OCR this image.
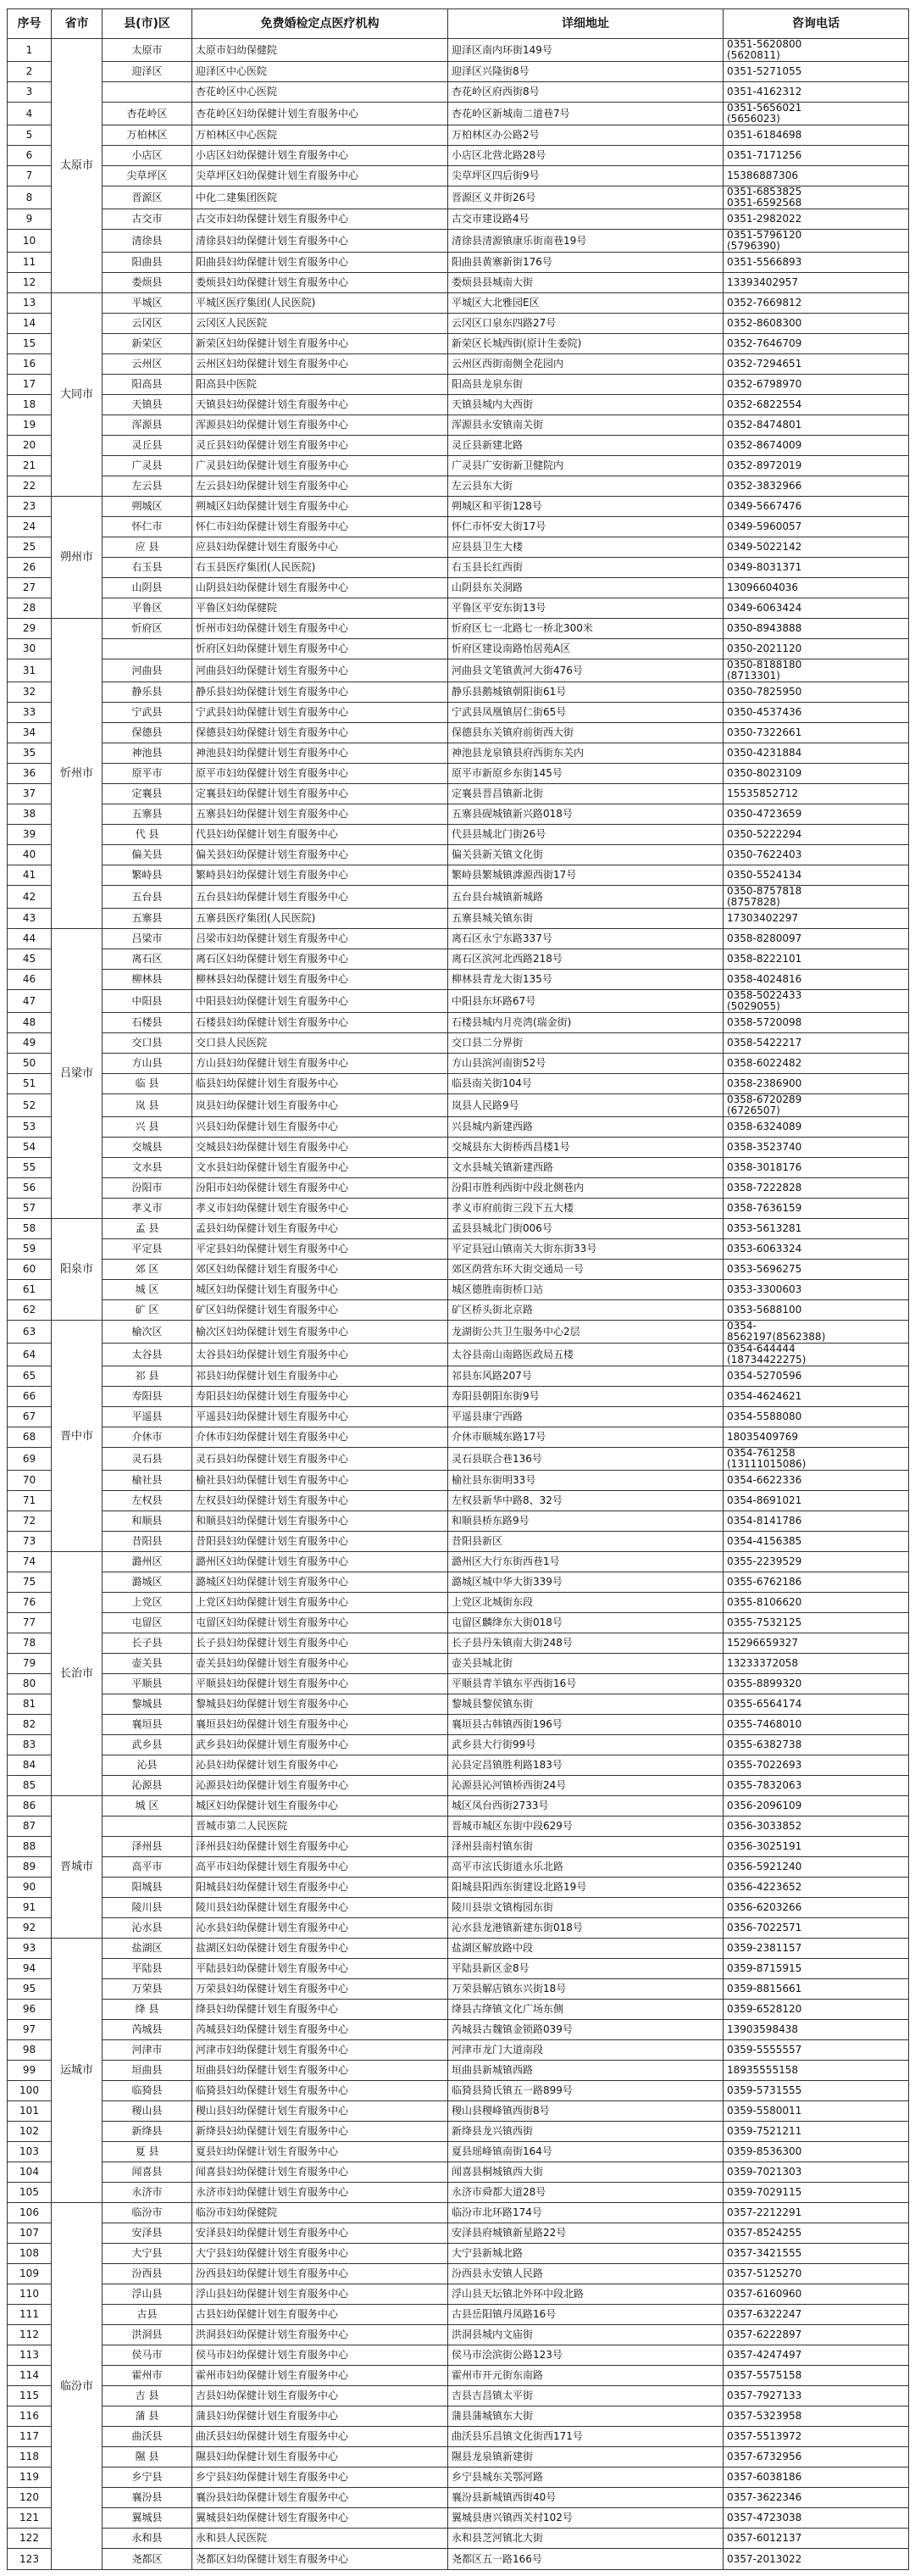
序号	省市	县(市)区	免费婚检定点医疗机构	详细地址	咨询电话
1	太原市	太原市	太原市妇幼保健院	迎泽区南内环街149号	0351-5620800
(5620811)
2		迎泽区	迎泽区中心医院	迎泽区兴隆街8号	0351-5271055
3			杏花岭区中心医院	杏花岭区府西街8号	0351-4162312
4		杏花岭区	杏花岭区妇幼保健计划生育服务中心	杏花岭区新城南二道巷7号	0351-5656021
(5656023)
5		万柏林区	万柏林区中心医院	万柏林区办公路2号	0351-6184698
6		小店区	小店区妇幼保健计划生育服务中心	小店区北营北路28号	0351-7171256
7		尖草坪区	尖草坪区妇幼保健计划生育服务中心	尖草坪区四后街9号	15386887306
8		晋源区	中化二建集团医院	晋源区义井街26号	0351-6853825
0351-6592568
9		古交市	古交市妇幼保健计划生育服务中心	古交市建设路4号	0351-2982022
10		清徐县	清徐县妇幼保健计划生育服务中心	清徐县清源镇康乐街南巷19号	0351-5796120
(5796390)
11		阳曲县	阳曲县妇幼保健计划生育服务中心	阳曲县黄寨新街176号	0351-5566893
12		娄烦县	娄烦县妇幼保健计划生育服务中心	娄烦县县城南大街	13393402957
13	大同市	平城区	平城区医疗集团(人民医院)	平城区大北雅园E区	0352-7669812
14		云冈区	云冈区人民医院	云冈区口泉东四路27号	0352-8608300
15		新荣区	新荣区妇幼保健计划生育服务中心	新荣区长城西街(原计生委院)	0352-7646709
16		云州区	云州区妇幼保健计划生育服务中心	云州区西街南侧全花园内	0352-7294651
17		阳高县	阳高县中医院	阳高县龙泉东街	0352-6798970
18		天镇县	天镇县妇幼保健计划生育服务中心	天镇县城内大西街	0352-6822554
19		浑源县	浑源县妇幼保健计划生育服务中心	浑源县永安镇南关街	0352-8474801
20		灵丘县	灵丘县妇幼保健计划生育服务中心	灵丘县新建北路	0352-8674009
21		广灵县	广灵县妇幼保健计划生育服务中心	广灵县广安街新卫健院内	0352-8972019
22		左云县	左云县妇幼保健计划生育服务中心	左云县东大街	0352-3832966
23	朔州市	朔城区	朔城区妇幼保健计划生育服务中心	朔城区和平街128号	0349-5667476
24		怀仁市	怀仁市妇幼保健计划生育服务中心	怀仁市怀安大街17号	0349-5960057
25		应 县	应县妇幼保健计划生育服务中心	应县县卫生大楼	0349-5022142
26		右玉县	右玉县医疗集团(人民医院)	右玉县长红西街	0349-8031371
27		山阴县	山阴县妇幼保健计划生育服务中心	山阴县东关洞路	13096604036
28		平鲁区	平鲁区妇幼保健院	平鲁区平安东街13号	0349-6063424
29	忻州市	忻府区	忻州市妇幼保健计划生育服务中心	忻府区七一北路七一桥北300米	0350-8943888
30			忻府区妇幼保健计划生育服务中心	忻府区建设南路怡居苑A区	0350-2021120
31		河曲县	河曲县妇幼保健计划生育服务中心	河曲县文笔镇黄河大街476号	0350-8188180
(8713301)
32		静乐县	静乐县妇幼保健计划生育服务中心	静乐县鹅城镇朝阳街61号	0350-7825950
33		宁武县	宁武县妇幼保健计划生育服务中心	宁武县凤凰镇居仁街65号	0350-4537436
34		保德县	保德县妇幼保健计划生育服务中心	保德县东关镇府前街西大街	0350-7322661
35		神池县	神池县妇幼保健计划生育服务中心	神池县龙泉镇县府西街东关内	0350-4231884
36		原平市	原平市妇幼保健计划生育服务中心	原平市新原乡东街145号	0350-8023109
37		定襄县	定襄县妇幼保健计划生育服务中心	定襄县晋昌镇新北街	15535852712
38		五寨县	五寨县妇幼保健计划生育服务中心	五寨县砚城镇新兴路018号	0350-4723659
39		代 县	代县妇幼保健计划生育服务中心	代县县城北门街26号	0350-5222294
40		偏关县	偏关县妇幼保健计划生育服务中心	偏关县新关镇文化街	0350-7622403
41		繁峙县	繁峙县妇幼保健计划生育服务中心	繁峙县繁城镇滹源西街17号	0350-5524134
42		五台县	五台县妇幼保健计划生育服务中心	五台县台城镇新城路	0350-8757818
(8757828)
43		五寨县	五寨县医疗集团(人民医院)	五寨县城关镇东街	17303402297
44	吕梁市	吕梁市	吕梁市妇幼保健计划生育服务中心	离石区永宁东路337号	0358-8280097
45		离石区	离石区妇幼保健计划生育服务中心	离石区滨河北西路218号	0358-8222101
46		柳林县	柳林县妇幼保健计划生育服务中心	柳林县青龙大街135号	0358-4024816
47		中阳县	中阳县妇幼保健计划生育服务中心	中阳县东环路67号	0358-5022433
(5029055)
48		石楼县	石楼县妇幼保健计划生育服务中心	石楼县城内月亮湾(瑞金街)	0358-5720098
49		交口县	交口县人民医院	交口县二分界街	0358-5422217
50		方山县	方山县妇幼保健计划生育服务中心	方山县滨河南街52号	0358-6022482
51		临 县	临县妇幼保健计划生育服务中心	临县南关街104号	0358-2386900
52		岚 县	岚县妇幼保健计划生育服务中心	岚县人民路9号	0358-6720289
(6726507)
53		兴 县	兴县妇幼保健计划生育服务中心	兴县城内新建西路	0358-6324089
54		交城县	交城县妇幼保健计划生育服务中心	交城县东大街桥西昌楼1号	0358-3523740
55		文水县	文水县妇幼保健计划生育服务中心	文水县城关镇新建西路	0358-3018176
56		汾阳市	汾阳市妇幼保健计划生育服务中心	汾阳市胜利西街中段北侧巷内	0358-7222828
57		孝义市	孝义市妇幼保健计划生育服务中心	孝义市府前街三段下五大楼	0358-7636159
58	阳泉市	孟 县	孟县妇幼保健计划生育服务中心	孟县县城北门街006号	0353-5613281
59		平定县	平定县妇幼保健计划生育服务中心	平定县冠山镇南关大街东街33号	0353-6063324
60		郊 区	郊区妇幼保健计划生育服务中心	郊区荫营东环大街交通局一号	0353-5696275
61		城 区	城区妇幼保健计划生育服务中心	城区德胜南街桥口站	0353-3300603
62		矿 区	矿区妇幼保健计划生育服务中心	矿区桥头街北京路	0353-5688100
63	晋中市	榆次区	榆次区妇幼保健计划生育服务中心	龙湖街公共卫生服务中心2层	0354-
8562197(8562388)
64		太谷县	太谷县妇幼保健计划生育服务中心	太谷县南山南路医政局五楼	0354-644444
(18734422275)
65		祁 县	祁县妇幼保健计划生育服务中心	祁县东风路207号	0354-5270596
66		寿阳县	寿阳县妇幼保健计划生育服务中心	寿阳县朝阳东街9号	0354-4624621
67		平遥县	平遥县妇幼保健计划生育服务中心	平遥县康宁西路	0354-5588080
68		介休市	介休市妇幼保健计划生育服务中心	介休市顺城东路17号	18035409769
69		灵石县	灵石县妇幼保健计划生育服务中心	灵石县联合巷136号	0354-761258
(13111015086)
70		榆社县	榆社县妇幼保健计划生育服务中心	榆社县东街明33号	0354-6622336
71		左权县	左权县妇幼保健计划生育服务中心	左权县新华中路8、32号	0354-8691021
72		和顺县	和顺县妇幼保健计划生育服务中心	和顺县桥东路9号	0354-8141786
73		昔阳县	昔阳县妇幼保健计划生育服务中心	昔阳县新区	0354-4156385
74	长治市	潞州区	潞州区妇幼保健计划生育服务中心	潞州区大行东街西巷1号	0355-2239529
75		潞城区	潞城区妇幼保健计划生育服务中心	潞城区城中华大街339号	0355-6762186
76		上党区	上党区妇幼保健计划生育服务中心	上党区北城街东段	0355-8106620
77		屯留区	屯留区妇幼保健计划生育服务中心	屯留区麟绛东大街018号	0355-7532125
78		长子县	长子县妇幼保健计划生育服务中心	长子县丹朱镇南大街248号	15296659327
79		壶关县	壶关县妇幼保健计划生育服务中心	壶关县城北街	13233372058
80		平顺县	平顺县妇幼保健计划生育服务中心	平顺县青羊镇东平西街16号	0355-8899320
81		黎城县	黎城县妇幼保健计划生育服务中心	黎城县黎侯镇东街	0355-6564174
82		襄垣县	襄垣县妇幼保健计划生育服务中心	襄垣县古韩镇西街196号	0355-7468010
83		武乡县	武乡县妇幼保健计划生育服务中心	武乡县大行街99号	0355-6382738
84		沁县	沁县妇幼保健计划生育服务中心	沁县定昌镇胜利路183号	0355-7022693
85		沁源县	沁源县妇幼保健计划生育服务中心	沁源县沁河镇桥西街24号	0355-7832063
86	晋城市	城 区	城区妇幼保健计划生育服务中心	城区凤台西街2733号	0356-2096109
87			晋城市第二人民医院	晋城市城区东街中段629号	0356-3033852
88		泽州县	泽州县妇幼保健计划生育服务中心	泽州县南村镇东街	0356-3025191
89		高平市	高平市妇幼保健计划生育服务中心	高平市泫氏街道永乐北路	0356-5921240
90		阳城县	阳城县妇幼保健计划生育服务中心	阳城县阳西东街建设北路19号	0356-4223652
91		陵川县	陵川县妇幼保健计划生育服务中心	陵川县崇文镇梅园东街	0356-6203266
92		沁水县	沁水县妇幼保健计划生育服务中心	沁水县龙港镇新建东街018号	0356-7022571
93	运城市	盐湖区	盐湖区妇幼保健计划生育服务中心	盐湖区解放路中段	0359-2381157
94		平陆县	平陆县妇幼保健计划生育服务中心	平陆县新区金8号	0359-8715915
95		万荣县	万荣县妇幼保健计划生育服务中心	万荣县解店镇东兴街18号	0359-8815661
96		绛 县	绛县妇幼保健计划生育服务中心	绛县古绛镇文化广场东侧	0359-6528120
97		芮城县	芮城县妇幼保健计划生育服务中心	芮城县古魏镇金锁路039号	13903598438
98		河津市	河津市妇幼保健计划生育服务中心	河津市龙门大道南段	0359-5555557
99		垣曲县	垣曲县妇幼保健计划生育服务中心	垣曲县新城镇西路	18935555158
100		临猗县	临猗县妇幼保健计划生育服务中心	临猗县猗氏镇五一路899号	0359-5731555
101		稷山县	稷山县妇幼保健计划生育服务中心	稷山县稷峰镇西街8号	0359-5580011
102		新绛县	新绛县妇幼保健计划生育服务中心	新绛县龙兴镇西街	0359-7521211
103		夏 县	夏县妇幼保健计划生育服务中心	夏县瑶峰镇南街164号	0359-8536300
104		闻喜县	闻喜县妇幼保健计划生育服务中心	闻喜县桐城镇西大街	0359-7021303
105		永济市	永济市妇幼保健计划生育服务中心	永济市舜都大道28号	0359-7029115
106	临汾市	临汾市	临汾市妇幼保健院	临汾市北环路174号	0357-2212291
107		安泽县	安泽县妇幼保健计划生育服务中心	安泽县府城镇新星路22号	0357-8524255
108		大宁县	大宁县妇幼保健计划生育服务中心	大宁县新城北路	0357-3421555
109		汾西县	汾西县妇幼保健计划生育服务中心	汾西县永安镇人民路	0357-5125270
110		浮山县	浮山县妇幼保健计划生育服务中心	浮山县天坛镇北外环中段北路	0357-6160960
111		古县	古县妇幼保健计划生育服务中心	古县岳阳镇丹凤路16号	0357-6322247
112		洪洞县	洪洞县妇幼保健计划生育服务中心	洪洞县城内文庙街	0357-6222897
113		侯马市	侯马市妇幼保健计划生育服务中心	侯马市浍滨街公路123号	0357-4247497
114		霍州市	霍州市妇幼保健计划生育服务中心	霍州市开元街东南路	0357-5575158
115		吉 县	吉县妇幼保健计划生育服务中心	吉县吉昌镇太平街	0357-7927133
116		蒲 县	蒲县妇幼保健计划生育服务中心	蒲县蒲城镇东大街	0357-5323958
117		曲沃县	曲沃县妇幼保健计划生育服务中心	曲沃县乐昌镇文化街西171号	0357-5513972
118		隰 县	隰县妇幼保健计划生育服务中心	隰县龙泉镇新建街	0357-6732956
119		乡宁县	乡宁县妇幼保健计划生育服务中心	乡宁县城东关鄂河路	0357-6038186
120		襄汾县	襄汾县妇幼保健计划生育服务中心	襄汾县新城镇西街40号	0357-3622346
121		翼城县	翼城县妇幼保健计划生育服务中心	翼城县唐兴镇西关村102号	0357-4723038
122		永和县	永和县人民医院	永和县芝河镇北大街	0357-6012137
123		尧都区	尧都区妇幼保健计划生育服务中心	尧都区五一路166号	0357-2013022
